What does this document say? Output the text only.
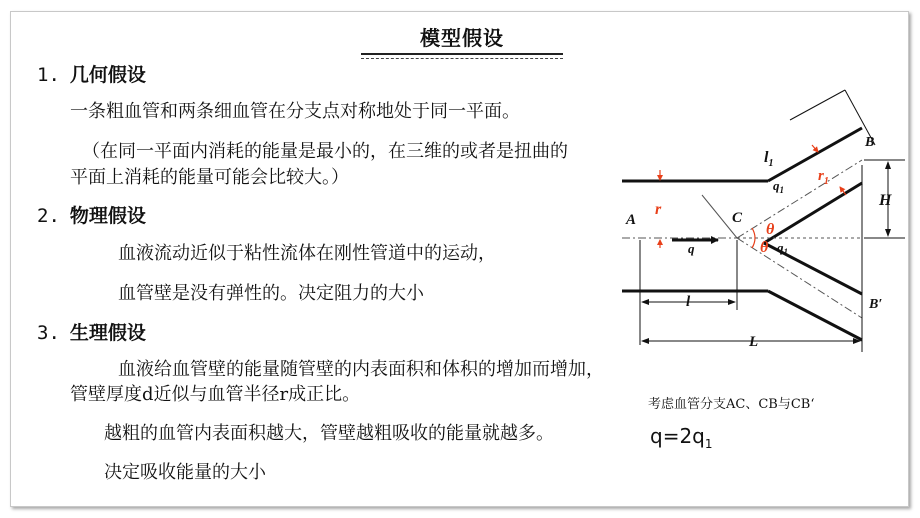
模型假设
1. 几何假设
一条粗血管和两条细血管在分支点对称地处于同一平面。
（在同一平面内消耗的能量是最小的，在三维的或者是扭曲的
平面上消耗的能量可能会比较大。）
2. 物理假设
血液流动近似于粘性流体在刚性管道中的运动，
血管壁是没有弹性的。决定阻力的大小
3. 生理假设
血液给血管壁的能量随管壁的内表面积和体积的增加而增加，
管壁厚度d近似与血管半径r成正比。
越粗的血管内表面积越大，管壁越粗吸收的能量就越多。
决定吸收能量的大小
考虑血管分支AC、CB与CB‘
$q=2q_1$
A
r	C
q
l
L
$l_1$
$q_1$
$r_1$
B
H
θ
θ $q_1$
B′
